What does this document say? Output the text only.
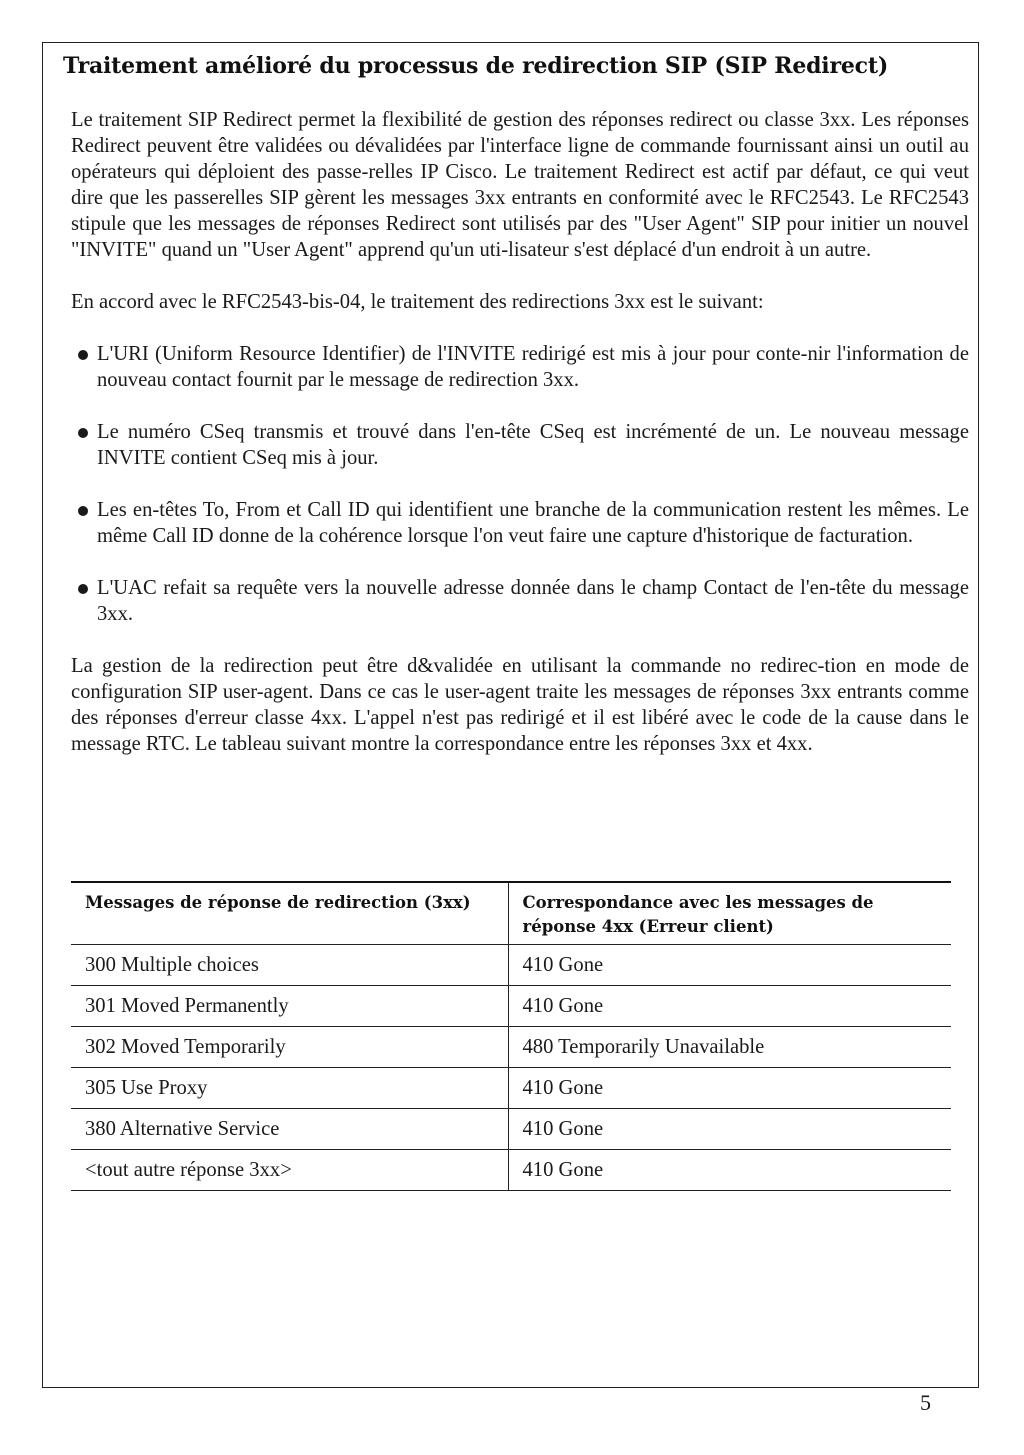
Traitement amélioré du processus de redirection SIP (SIP Redirect)

Le traitement SIP Redirect permet la flexibilité de gestion des réponses redirect ou classe 3xx. Les réponses Redirect peuvent être validées ou dévalidées par l'interface ligne de commande fournissant ainsi un outil au opérateurs qui déploient des passe-relles IP Cisco. Le traitement Redirect est actif par défaut, ce qui veut dire que les passerelles SIP gèrent les messages 3xx entrants en conformité avec le RFC2543. Le RFC2543 stipule que les messages de réponses Redirect sont utilisés par des "User Agent" SIP pour initier un nouvel "INVITE" quand un "User Agent" apprend qu'un uti-lisateur s'est déplacé d'un endroit à un autre.

En accord avec le RFC2543-bis-04, le traitement des redirections 3xx est le suivant:

L'URI (Uniform Resource Identifier) de l'INVITE redirigé est mis à jour pour conte-nir l'information de nouveau contact fournit par le message de redirection 3xx.
Le numéro CSeq transmis et trouvé dans l'en-tête CSeq est incrémenté de un. Le nouveau message INVITE contient CSeq mis à jour.
Les en-têtes To, From et Call ID qui identifient une branche de la communication restent les mêmes. Le même Call ID donne de la cohérence lorsque l'on veut faire une capture d'historique de facturation.
L'UAC refait sa requête vers la nouvelle adresse donnée dans le champ Contact de l'en-tête du message 3xx.

La gestion de la redirection peut être d&validée en utilisant la commande no redirec-tion en mode de configuration SIP user-agent. Dans ce cas le user-agent traite les messages de réponses 3xx entrants comme des réponses d'erreur classe 4xx. L'appel n'est pas redirigé et il est libéré avec le code de la cause dans le message RTC. Le tableau suivant montre la correspondance entre les réponses 3xx et 4xx.

Messages de réponse de redirection (3xx)	Correspondance avec les messages de réponse 4xx (Erreur client)
300 Multiple choices	410 Gone
301 Moved Permanently	410 Gone
302 Moved Temporarily	480 Temporarily Unavailable
305 Use Proxy	410 Gone
380 Alternative Service	410 Gone
<tout autre réponse 3xx>	410 Gone
5
